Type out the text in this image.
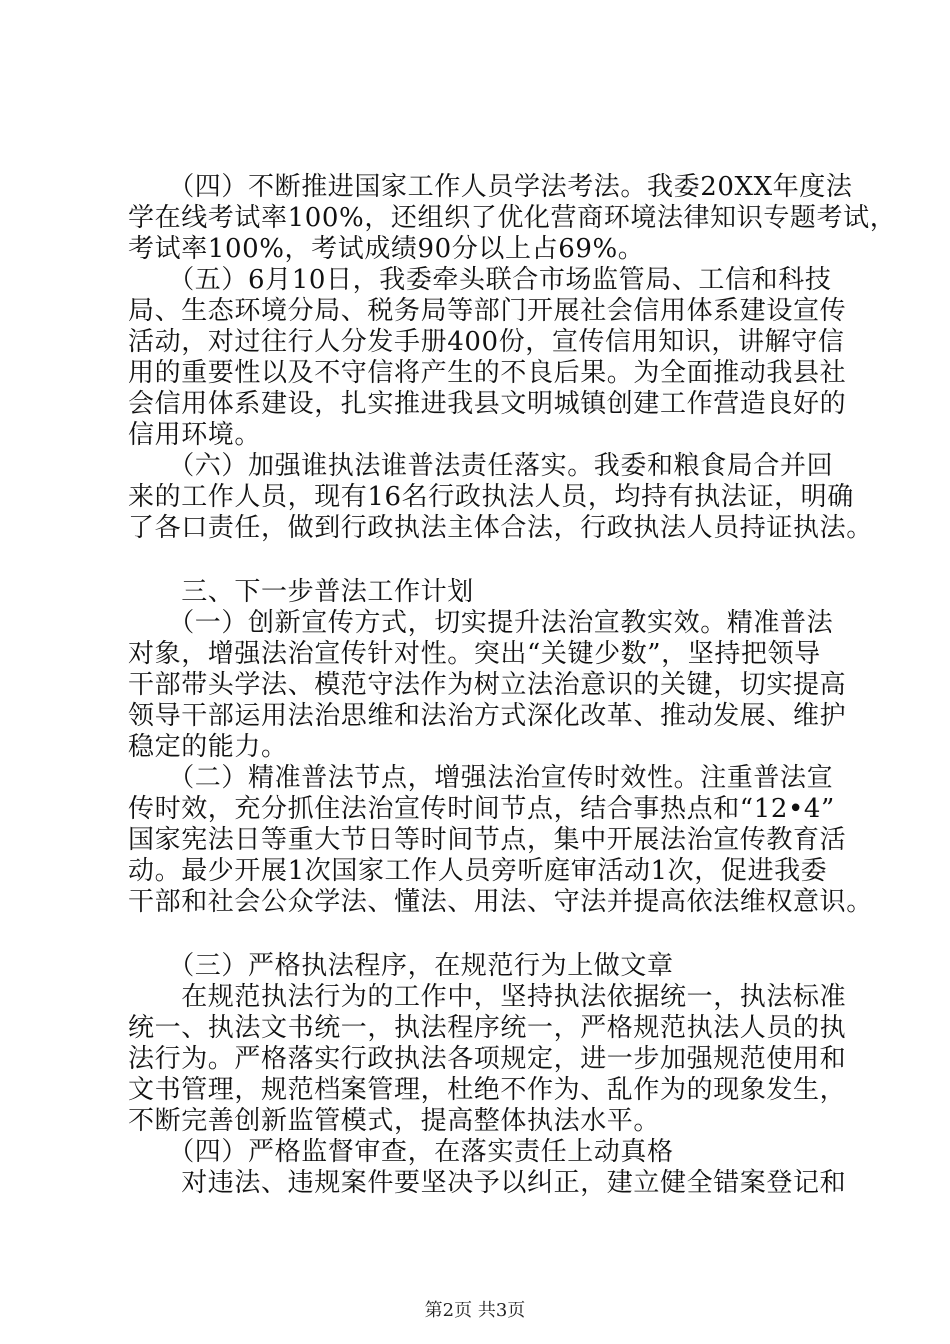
　　（四）不断推进国家工作人员学法考法。我委20XX年度法
学在线考试率100%，还组织了优化营商环境法律知识专题考试，
考试率100%，考试成绩90分以上占69%。
　　（五）6月10日，我委牵头联合市场监管局、工信和科技
局、生态环境分局、税务局等部门开展社会信用体系建设宣传
活动，对过往行人分发手册400份，宣传信用知识，讲解守信
用的重要性以及不守信将产生的不良后果。为全面推动我县社
会信用体系建设，扎实推进我县文明城镇创建工作营造良好的
信用环境。
　　（六）加强谁执法谁普法责任落实。我委和粮食局合并回
来的工作人员，现有16名行政执法人员，均持有执法证，明确
了各口责任，做到行政执法主体合法，行政执法人员持证执法。
　　三、下一步普法工作计划
　　（一）创新宣传方式，切实提升法治宣教实效。精准普法
对象，增强法治宣传针对性。突出“关键少数”，坚持把领导
干部带头学法、模范守法作为树立法治意识的关键，切实提高
领导干部运用法治思维和法治方式深化改革、推动发展、维护
稳定的能力。
　　（二）精准普法节点，增强法治宣传时效性。注重普法宣
传时效，充分抓住法治宣传时间节点，结合事热点和“12•4”
国家宪法日等重大节日等时间节点，集中开展法治宣传教育活
动。最少开展1次国家工作人员旁听庭审活动1次，促进我委
干部和社会公众学法、懂法、用法、守法并提高依法维权意识。
　　（三）严格执法程序，在规范行为上做文章
　　在规范执法行为的工作中，坚持执法依据统一，执法标准
统一、执法文书统一，执法程序统一，严格规范执法人员的执
法行为。严格落实行政执法各项规定，进一步加强规范使用和
文书管理，规范档案管理，杜绝不作为、乱作为的现象发生，
不断完善创新监管模式，提高整体执法水平。
　　（四）严格监督审查，在落实责任上动真格
　　对违法、违规案件要坚决予以纠正，建立健全错案登记和
第2页 共3页
